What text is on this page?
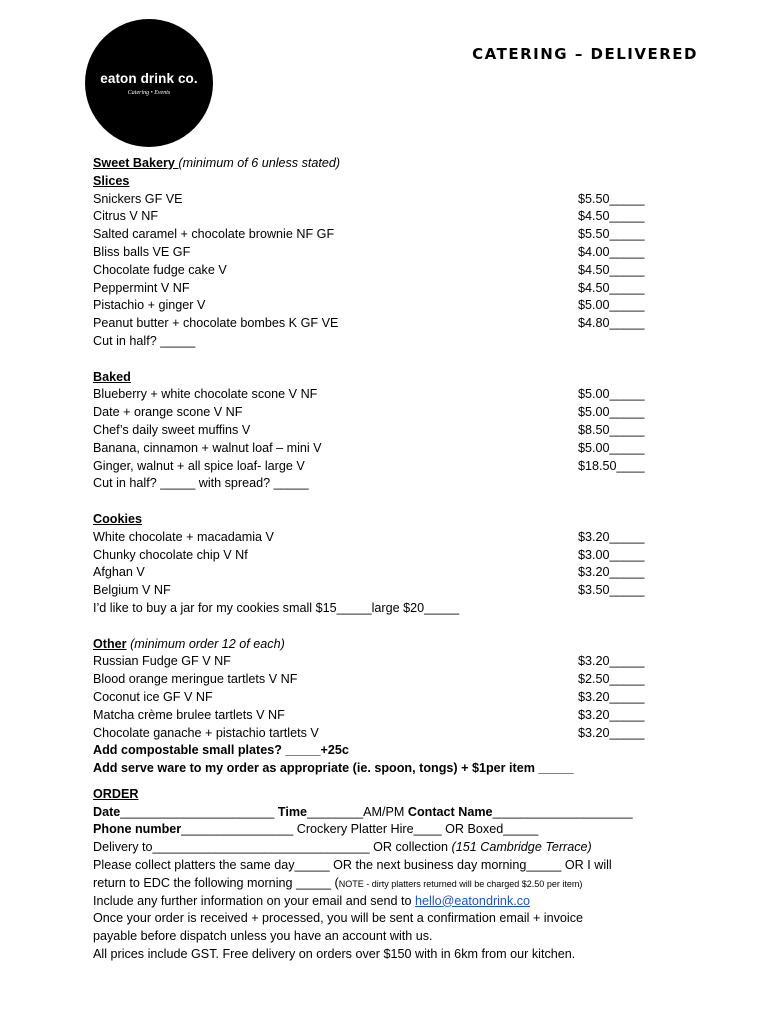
eaton drink co.
Catering • Events
CATERING – DELIVERED
Sweet Bakery (minimum of 6 unless stated)
Slices
Snickers GF VE	$5.50_____
Citrus V NF	$4.50_____
Salted caramel + chocolate brownie NF GF	$5.50_____
Bliss balls VE GF	$4.00_____
Chocolate fudge cake V	$4.50_____
Peppermint V NF	$4.50_____
Pistachio + ginger V	$5.00_____
Peanut butter + chocolate bombes K GF VE	$4.80_____
Cut in half? _____
Baked
Blueberry + white chocolate scone V NF	$5.00_____
Date + orange scone V NF	$5.00_____
Chef’s daily sweet muffins V	$8.50_____
Banana, cinnamon + walnut loaf – mini V	$5.00_____
Ginger, walnut + all spice loaf- large V	$18.50____
Cut in half? _____ with spread? _____
Cookies
White chocolate + macadamia V	$3.20_____
Chunky chocolate chip V Nf	$3.00_____
Afghan V	$3.20_____
Belgium V NF	$3.50_____
I’d like to buy a jar for my cookies small $15_____large $20_____
Other (minimum order 12 of each)
Russian Fudge GF V NF	$3.20_____
Blood orange meringue tartlets V NF	$2.50_____
Coconut ice GF V NF	$3.20_____
Matcha crème brulee tartlets V NF	$3.20_____
Chocolate ganache + pistachio tartlets V	$3.20_____
Add compostable small plates? _____+25c
Add serve ware to my order as appropriate (ie. spoon, tongs) + $1per item _____
ORDER
Date______________________ Time________AM/PM Contact Name____________________
Phone number________________ Crockery Platter Hire____ OR Boxed_____
Delivery to_______________________________ OR collection (151 Cambridge Terrace)
Please collect platters the same day_____ OR the next business day morning_____ OR I will
return to EDC the following morning _____ (NOTE - dirty platters returned will be charged $2.50 per item)
Include any further information on your email and send to hello@eatondrink.co
Once your order is received + processed, you will be sent a confirmation email + invoice
payable before dispatch unless you have an account with us.
All prices include GST. Free delivery on orders over $150 with in 6km from our kitchen.
